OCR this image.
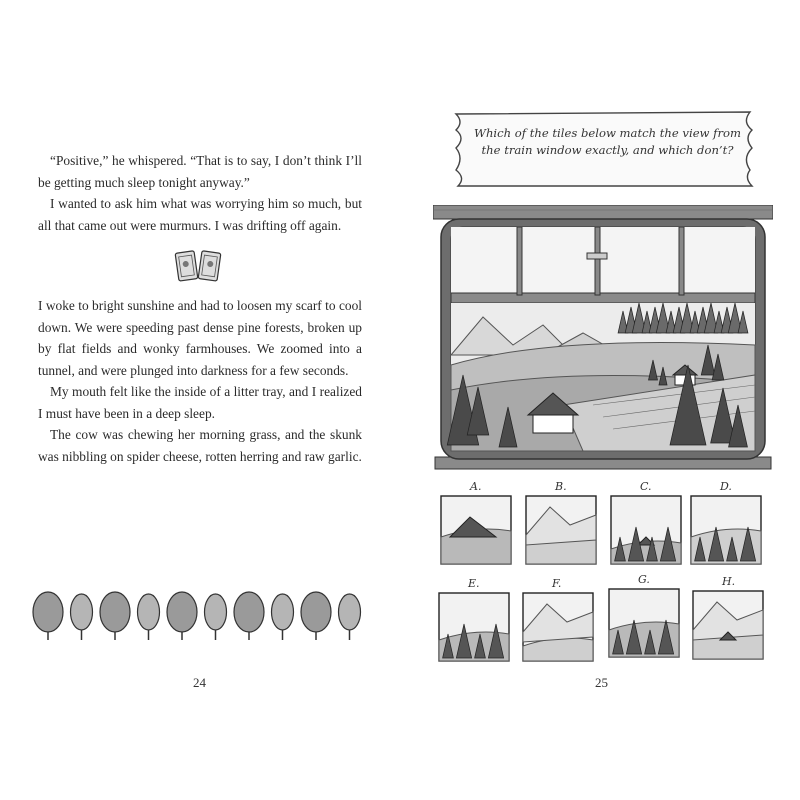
“Positive,” he whispered. “That is to say, I don’t think I’ll be getting much sleep tonight anyway.”

I wanted to ask him what was worrying him so much, but all that came out were murmurs. I was drifting off again.

I woke to bright sunshine and had to loosen my scarf to cool down. We were speeding past dense pine forests, broken up by flat fields and wonky farmhouses. We zoomed into a tunnel, and were plunged into darkness for a few seconds.

My mouth felt like the inside of a litter tray, and I realized I must have been in a deep sleep.

The cow was chewing her morning grass, and the skunk was nibbling on spider cheese, rotten herring and raw garlic.

24
Which of the tiles below match the view from the train window exactly, and which don’t?
A.	B.	C.	D.
E.	F.	G.	H.
25
